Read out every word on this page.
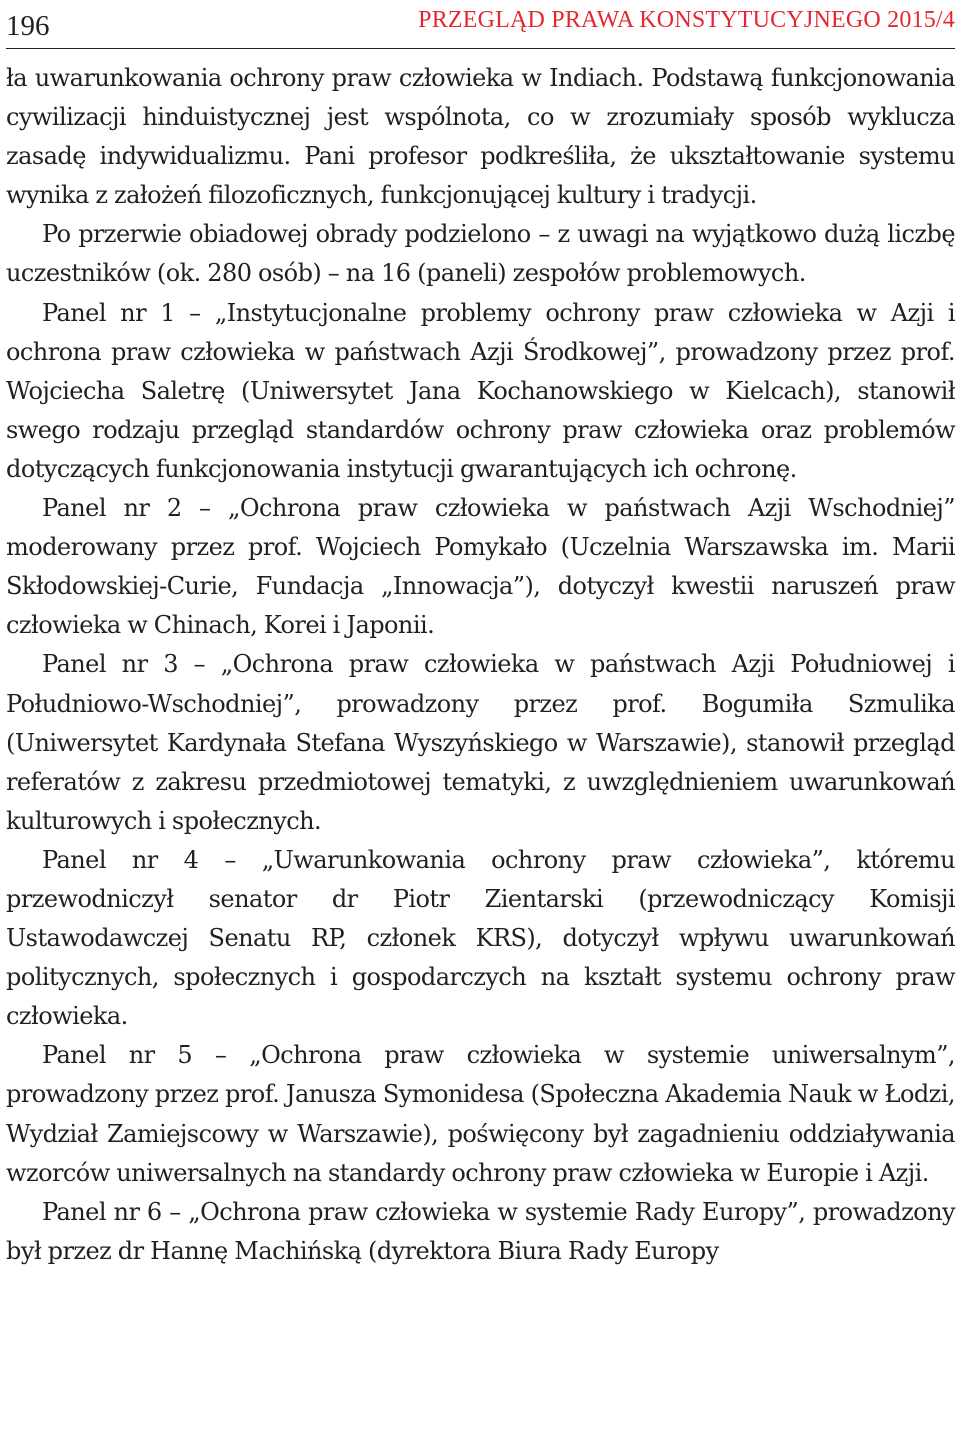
196	PRZEGLĄD PRAWA KONSTYTUCYJNEGO 2015/4

ła uwarunkowania ochrony praw człowieka w Indiach. Podstawą funkcjonowania cywilizacji hinduistycznej jest wspólnota, co w zrozumiały sposób wyklucza zasadę indywidualizmu. Pani profesor podkreśliła, że ukształtowanie systemu wynika z założeń filozoficznych, funkcjonującej kultury i tradycji.

Po przerwie obiadowej obrady podzielono – z uwagi na wyjątkowo dużą liczbę uczestników (ok. 280 osób) – na 16 (paneli) zespołów problemowych.

Panel nr 1 – „Instytucjonalne problemy ochrony praw człowieka w Azji i ochrona praw człowieka w państwach Azji Środkowej”, prowadzony przez prof. Wojciecha Saletrę (Uniwersytet Jana Kochanowskiego w Kielcach), stanowił swego rodzaju przegląd standardów ochrony praw człowieka oraz problemów dotyczących funkcjonowania instytucji gwarantujących ich ochronę.

Panel nr 2 – „Ochrona praw człowieka w państwach Azji Wschodniej” moderowany przez prof. Wojciech Pomykało (Uczelnia Warszawska im. Marii Skłodowskiej-Curie, Fundacja „Innowacja”), dotyczył kwestii naruszeń praw człowieka w Chinach, Korei i Japonii.

Panel nr 3 – „Ochrona praw człowieka w państwach Azji Południowej i Południowo-Wschodniej”, prowadzony przez prof. Bogumiła Szmulika (Uniwersytet Kardynała Stefana Wyszyńskiego w Warszawie), stanowił przegląd referatów z zakresu przedmiotowej tematyki, z uwzględnieniem uwarunkowań kulturowych i społecznych.

Panel nr 4 – „Uwarunkowania ochrony praw człowieka”, któremu przewodniczył senator dr Piotr Zientarski (przewodniczący Komisji Ustawodawczej Senatu RP, członek KRS), dotyczył wpływu uwarunkowań politycznych, społecznych i gospodarczych na kształt systemu ochrony praw człowieka.

Panel nr 5 – „Ochrona praw człowieka w systemie uniwersalnym”, prowadzony przez prof. Janusza Symonidesa (Społeczna Akademia Nauk w Łodzi, Wydział Zamiejscowy w Warszawie), poświęcony był zagadnieniu oddziaływania wzorców uniwersalnych na standardy ochrony praw człowieka w Europie i Azji.

Panel nr 6 – „Ochrona praw człowieka w systemie Rady Europy”, prowadzony był przez dr Hannę Machińską (dyrektora Biura Rady Europy
